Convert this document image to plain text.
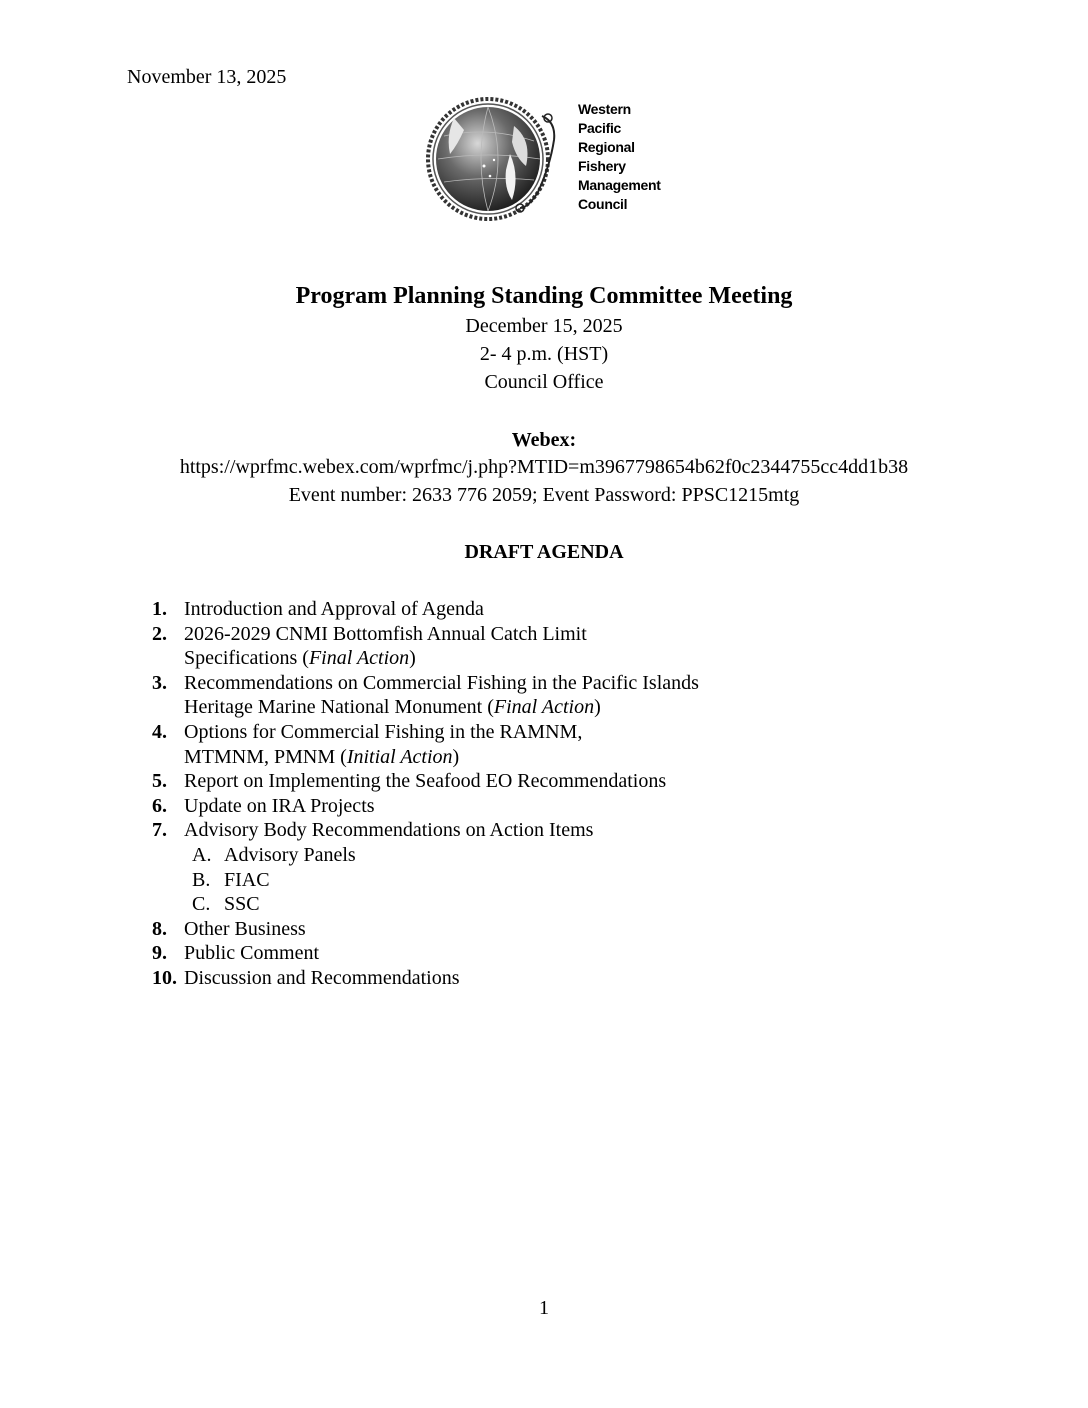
November 13, 2025
Western
Pacific
Regional
Fishery
Management
Council
Program Planning Standing Committee Meeting
December 15, 2025
2- 4 p.m. (HST)
Council Office
Webex:
https://wprfmc.webex.com/wprfmc/j.php?MTID=m3967798654b62f0c2344755cc4dd1b38
Event number: 2633 776 2059; Event Password: PPSC1215mtg
DRAFT AGENDA
1. Introduction and Approval of Agenda
2. 2026-2029 CNMI Bottomfish Annual Catch Limit
Specifications (Final Action)
3. Recommendations on Commercial Fishing in the Pacific Islands
Heritage Marine National Monument (Final Action)
4. Options for Commercial Fishing in the RAMNM,
MTMNM, PMNM (Initial Action)
5. Report on Implementing the Seafood EO Recommendations
6. Update on IRA Projects
7. Advisory Body Recommendations on Action Items
A. Advisory Panels
B. FIAC
C. SSC
8. Other Business
9. Public Comment
10. Discussion and Recommendations
1
